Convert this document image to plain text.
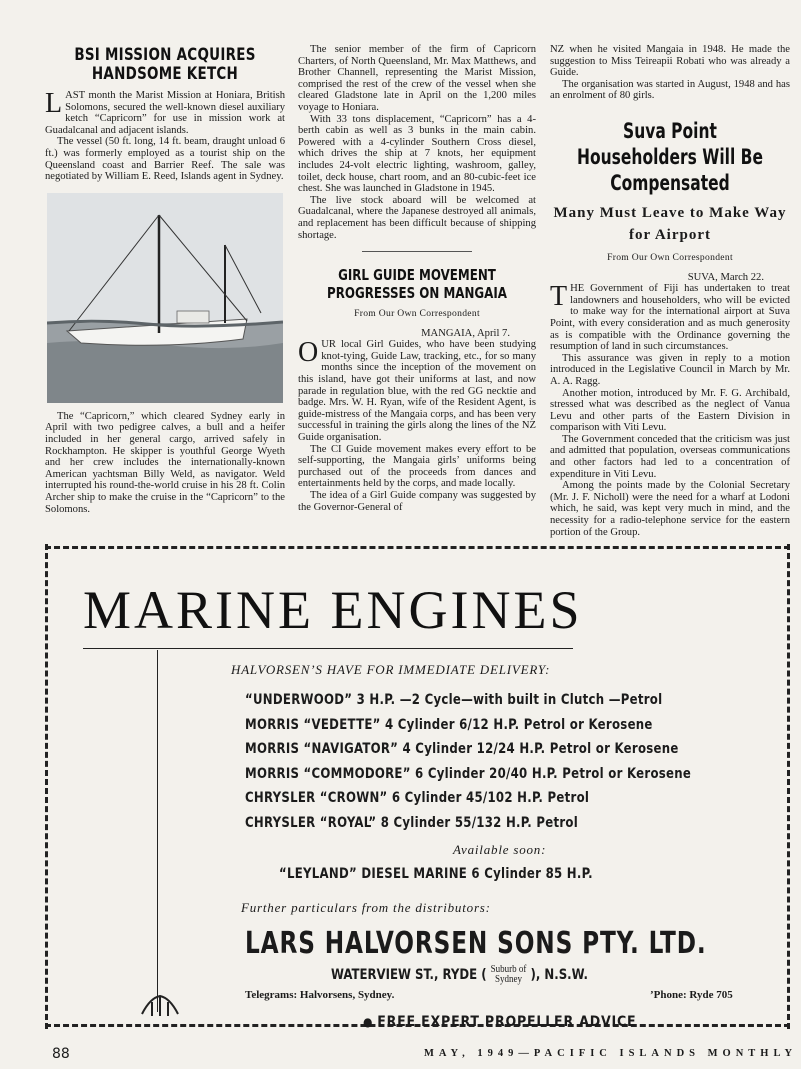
BSI MISSION ACQUIRES HANDSOME KETCH

LAST month the Marist Mission at Honiara, British Solomons, secured the well-known diesel auxiliary ketch “Capricorn” for use in mission work at Guadalcanal and adjacent islands.

The vessel (50 ft. long, 14 ft. beam, draught unload 6 ft.) was formerly employed as a tourist ship on the Queensland coast and Barrier Reef. The sale was negotiated by William E. Reed, Islands agent in Sydney.

The “Capricorn,” which cleared Sydney early in April with two pedigree calves, a bull and a heifer included in her general cargo, arrived safely in Rockhampton. He skipper is youthful George Wyeth and her crew includes the internationally-known American yachtsman Billy Weld, as navigator. Weld interrupted his round-the-world cruise in his 28 ft. Colin Archer ship to make the cruise in the “Capricorn” to the Solomons.

The senior member of the firm of Capricorn Charters, of North Queensland, Mr. Max Matthews, and Brother Channell, representing the Marist Mission, comprised the rest of the crew of the vessel when she cleared Gladstone late in April on the 1,200 miles voyage to Honiara.

With 33 tons displacement, “Capricorn” has a 4-berth cabin as well as 3 bunks in the main cabin. Powered with a 4-cylinder Southern Cross diesel, which drives the ship at 7 knots, her equipment includes 24-volt electric lighting, washroom, galley, toilet, deck house, chart room, and an 80-cubic-feet ice chest. She was launched in Gladstone in 1945.

The live stock aboard will be welcomed at Guadalcanal, where the Japanese destroyed all animals, and replacement has been difficult because of shipping shortage.

GIRL GUIDE MOVEMENT PROGRESSES ON MANGAIA
From Our Own Correspondent
MANGAIA, April 7.

OUR local Girl Guides, who have been studying knot-tying, Guide Law, tracking, etc., for so many months since the inception of the movement on this island, have got their uniforms at last, and now parade in regulation blue, with the red GG necktie and badge. Mrs. W. H. Ryan, wife of the Resident Agent, is guide-mistress of the Mangaia corps, and has been very successful in training the girls along the lines of the NZ Guide organisation.

The CI Guide movement makes every effort to be self-supporting, the Mangaia girls’ uniforms being purchased out of the proceeds from dances and entertainments held by the corps, and made locally.

The idea of a Girl Guide company was suggested by the Governor-General of

NZ when he visited Mangaia in 1948. He made the suggestion to Miss Teireapii Robati who was already a Guide.

The organisation was started in August, 1948 and has an enrolment of 80 girls.

Suva Point Householders Will Be Compensated
Many Must Leave to Make Way for Airport
From Our Own Correspondent
SUVA, March 22.

THE Government of Fiji has undertaken to treat landowners and householders, who will be evicted to make way for the international airport at Suva Point, with every consideration and as much generosity as is compatible with the Ordinance governing the resumption of land in such circumstances.

This assurance was given in reply to a motion introduced in the Legislative Council in March by Mr. A. A. Ragg.

Another motion, introduced by Mr. F. G. Archibald, stressed what was described as the neglect of Vanua Levu and other parts of the Eastern Division in comparison with Viti Levu.

The Government conceded that the criticism was just and admitted that population, overseas communications and other factors had led to a concentration of expenditure in Viti Levu.

Among the points made by the Colonial Secretary (Mr. J. F. Nicholl) were the need for a wharf at Lodoni which, he said, was kept very much in mind, and the necessity for a radio-telephone service for the eastern portion of the Group.

MARINE ENGINES
HALVORSEN’S HAVE FOR IMMEDIATE DELIVERY:
“UNDERWOOD” 3 H.P. —2 Cycle—with built in Clutch —Petrol
MORRIS “VEDETTE” 4 Cylinder 6/12 H.P. Petrol or Kerosene
MORRIS “NAVIGATOR” 4 Cylinder 12/24 H.P. Petrol or Kerosene
MORRIS “COMMODORE” 6 Cylinder 20/40 H.P. Petrol or Kerosene
CHRYSLER “CROWN” 6 Cylinder 45/102 H.P. Petrol
CHRYSLER “ROYAL” 8 Cylinder 55/132 H.P. Petrol
Available soon:
“LEYLAND” DIESEL MARINE 6 Cylinder 85 H.P.
Further particulars from the distributors:
LARS HALVORSEN SONS PTY. LTD.
WATERVIEW ST., RYDE ( Suburb of
Sydney ), N.S.W.
Telegrams: Halvorsens, Sydney.	’Phone: Ryde 705
● FREE EXPERT PROPELLER ADVICE
88	MAY, 1949—PACIFIC ISLANDS MONTHLY
